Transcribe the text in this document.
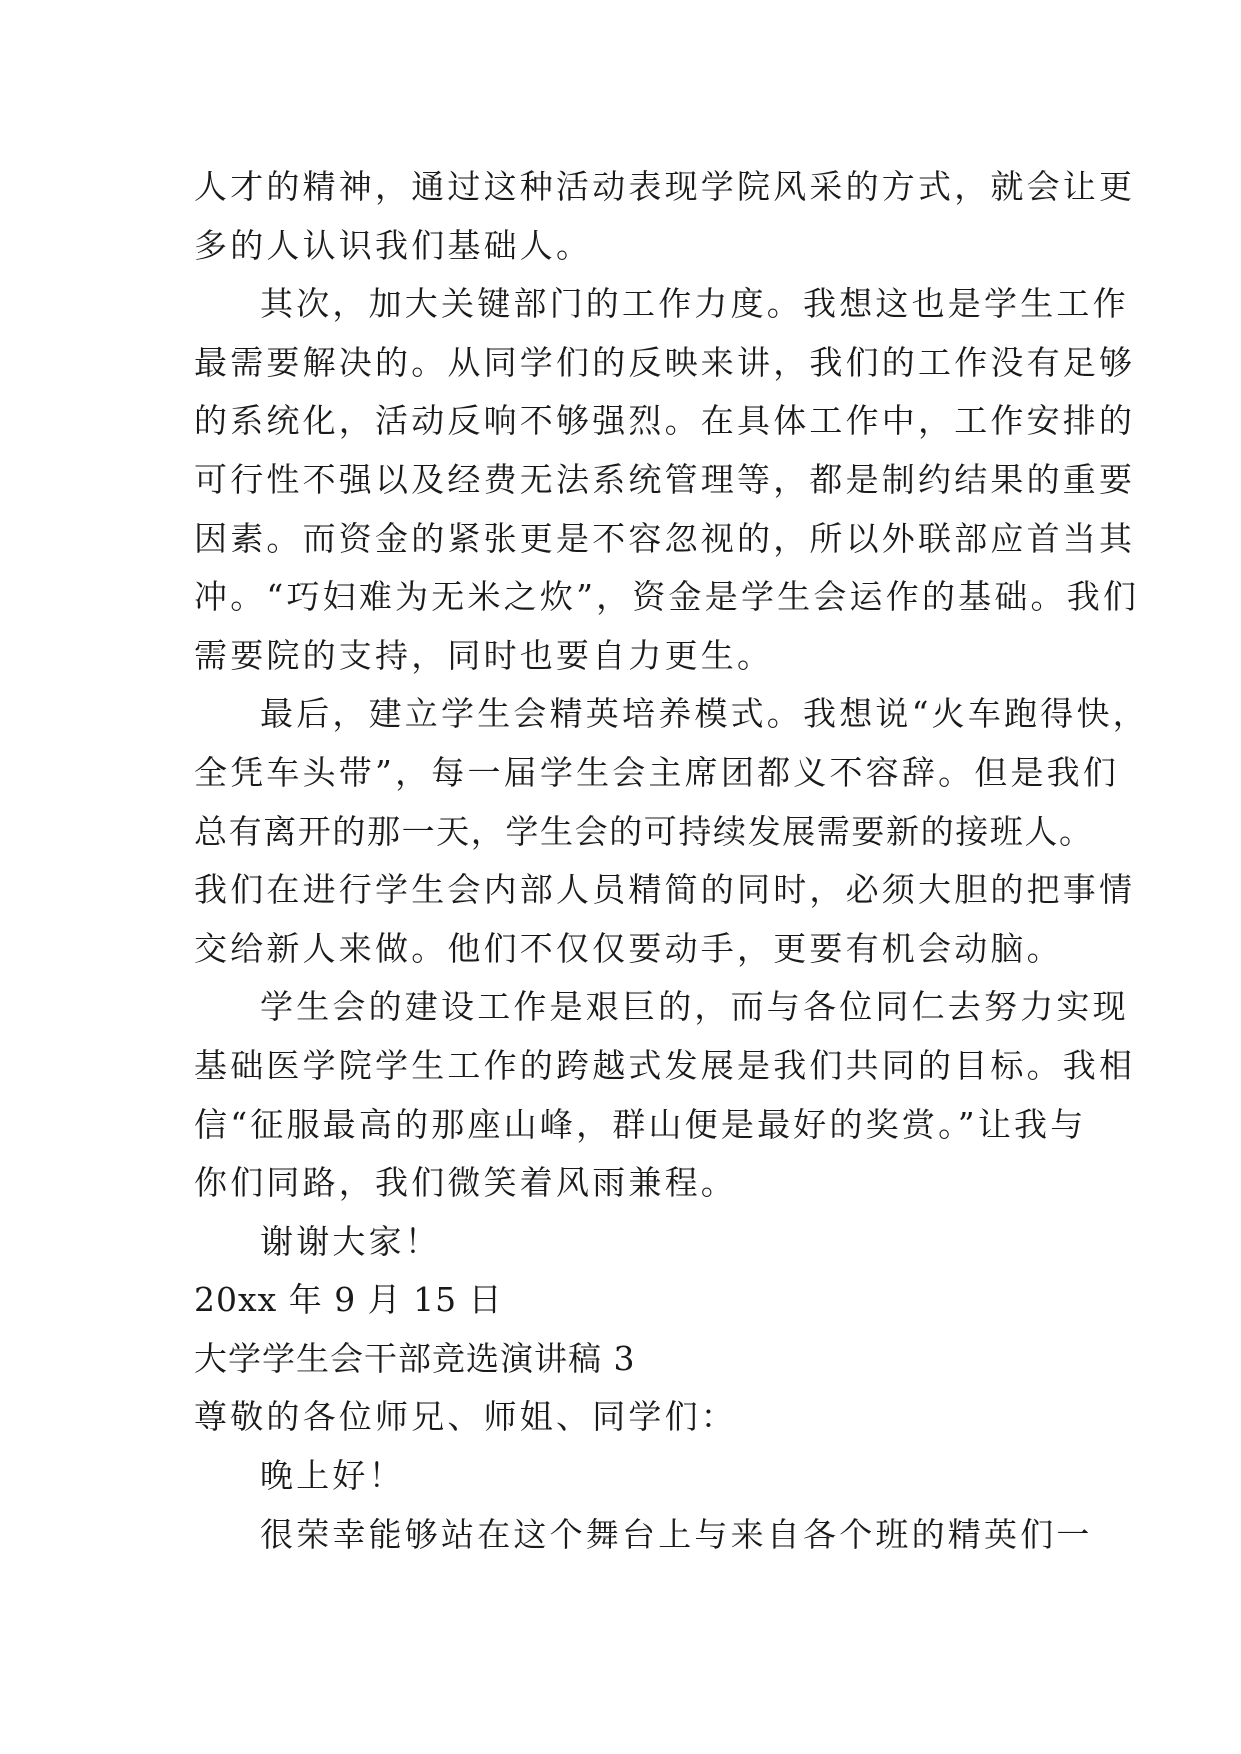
人才的精神，通过这种活动表现学院风采的方式，就会让更
多的人认识我们基础人。
其次，加大关键部门的工作力度。我想这也是学生工作
最需要解决的。从同学们的反映来讲，我们的工作没有足够
的系统化，活动反响不够强烈。在具体工作中，工作安排的
可行性不强以及经费无法系统管理等，都是制约结果的重要
因素。而资金的紧张更是不容忽视的，所以外联部应首当其
冲。“巧妇难为无米之炊”，资金是学生会运作的基础。我们
需要院的支持，同时也要自力更生。
最后，建立学生会精英培养模式。我想说“火车跑得快，
全凭车头带”，每一届学生会主席团都义不容辞。但是我们
总有离开的那一天，学生会的可持续发展需要新的接班人。
我们在进行学生会内部人员精简的同时，必须大胆的把事情
交给新人来做。他们不仅仅要动手，更要有机会动脑。
学生会的建设工作是艰巨的，而与各位同仁去努力实现
基础医学院学生工作的跨越式发展是我们共同的目标。我相
信“征服最高的那座山峰，群山便是最好的奖赏。”让我与
你们同路，我们微笑着风雨兼程。
谢谢大家！
20xx 年 9 月 15 日
大学学生会干部竞选演讲稿 3
尊敬的各位师兄、师姐、同学们：
晚上好！
很荣幸能够站在这个舞台上与来自各个班的精英们一
